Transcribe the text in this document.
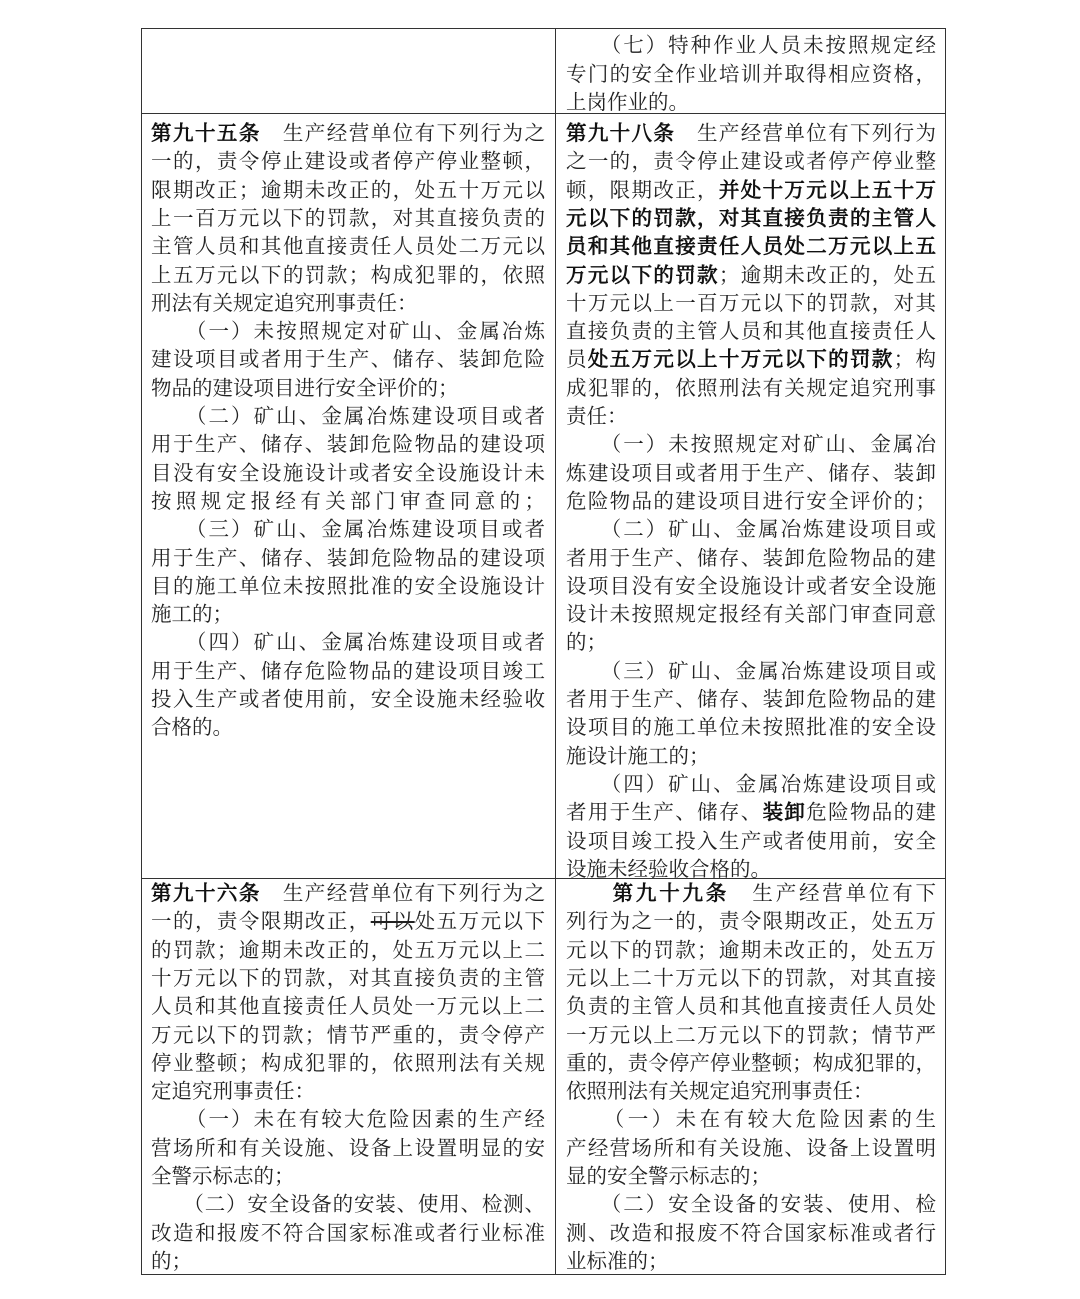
　　（七）特种作业人员未按照规定经
专门的安全作业培训并取得相应资格，
上岗作业的。
第九十五条　生产经营单位有下列行为之
一的，责令停止建设或者停产停业整顿，
限期改正；逾期未改正的，处五十万元以
上一百万元以下的罚款，对其直接负责的
主管人员和其他直接责任人员处二万元以
上五万元以下的罚款；构成犯罪的，依照
刑法有关规定追究刑事责任：
　　（一）未按照规定对矿山、金属冶炼
建设项目或者用于生产、储存、装卸危险
物品的建设项目进行安全评价的；
　　（二）矿山、金属冶炼建设项目或者
用于生产、储存、装卸危险物品的建设项
目没有安全设施设计或者安全设施设计未
按照规定报经有关部门审查同意的；
　　（三）矿山、金属冶炼建设项目或者
用于生产、储存、装卸危险物品的建设项
目的施工单位未按照批准的安全设施设计
施工的；
　　（四）矿山、金属冶炼建设项目或者
用于生产、储存危险物品的建设项目竣工
投入生产或者使用前，安全设施未经验收
合格的。
第九十八条　生产经营单位有下列行为
之一的，责令停止建设或者停产停业整
顿，限期改正，并处十万元以上五十万
元以下的罚款，对其直接负责的主管人
员和其他直接责任人员处二万元以上五
万元以下的罚款；逾期未改正的，处五
十万元以上一百万元以下的罚款，对其
直接负责的主管人员和其他直接责任人
员处五万元以上十万元以下的罚款；构
成犯罪的，依照刑法有关规定追究刑事
责任：
　　（一）未按照规定对矿山、金属冶
炼建设项目或者用于生产、储存、装卸
危险物品的建设项目进行安全评价的；
　　（二）矿山、金属冶炼建设项目或
者用于生产、储存、装卸危险物品的建
设项目没有安全设施设计或者安全设施
设计未按照规定报经有关部门审查同意
的；
　　（三）矿山、金属冶炼建设项目或
者用于生产、储存、装卸危险物品的建
设项目的施工单位未按照批准的安全设
施设计施工的；
　　（四）矿山、金属冶炼建设项目或
者用于生产、储存、装卸危险物品的建
设项目竣工投入生产或者使用前，安全
设施未经验收合格的。
第九十六条　生产经营单位有下列行为之
一的，责令限期改正，可以处五万元以下
的罚款；逾期未改正的，处五万元以上二
十万元以下的罚款，对其直接负责的主管
人员和其他直接责任人员处一万元以上二
万元以下的罚款；情节严重的，责令停产
停业整顿；构成犯罪的，依照刑法有关规
定追究刑事责任：
　　（一）未在有较大危险因素的生产经
营场所和有关设施、设备上设置明显的安
全警示标志的；
　　（二）安全设备的安装、使用、检测、
改造和报废不符合国家标准或者行业标准
的；
　　第九十九条　生产经营单位有下
列行为之一的，责令限期改正，处五万
元以下的罚款；逾期未改正的，处五万
元以上二十万元以下的罚款，对其直接
负责的主管人员和其他直接责任人员处
一万元以上二万元以下的罚款；情节严
重的，责令停产停业整顿；构成犯罪的，
依照刑法有关规定追究刑事责任：
　　（一）未在有较大危险因素的生
产经营场所和有关设施、设备上设置明
显的安全警示标志的；
　　（二）安全设备的安装、使用、检
测、改造和报废不符合国家标准或者行
业标准的；
